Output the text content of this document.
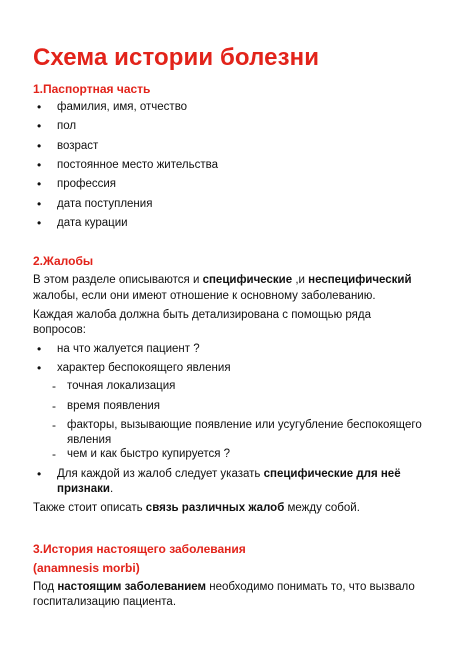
Схема истории болезни
1.Паспортная часть
• фамилия, имя, отчество
• пол
• возраст
• постоянное место жительства
• профессия
• дата поступления
• дата курации
2.Жалобы
В этом разделе описываются и специфические ,и неспецифический
жалобы, если они имеют отношение к основному заболеванию.
Каждая жалоба должна быть детализирована с помощью ряда
вопросов:
• на что жалуется пациент ?
• характер беспокоящего явления
- точная локализация
- время появления
- факторы, вызывающие появление или усугубление беспокоящего
явления
- чем и как быстро купируется ?
• Для каждой из жалоб следует указать специфические для неё
признаки.
Также стоит описать связь различных жалоб между собой.
3.История настоящего заболевания
(anamnesis morbi)
Под настоящим заболеванием необходимо понимать то, что вызвало
госпитализацию пациента.
